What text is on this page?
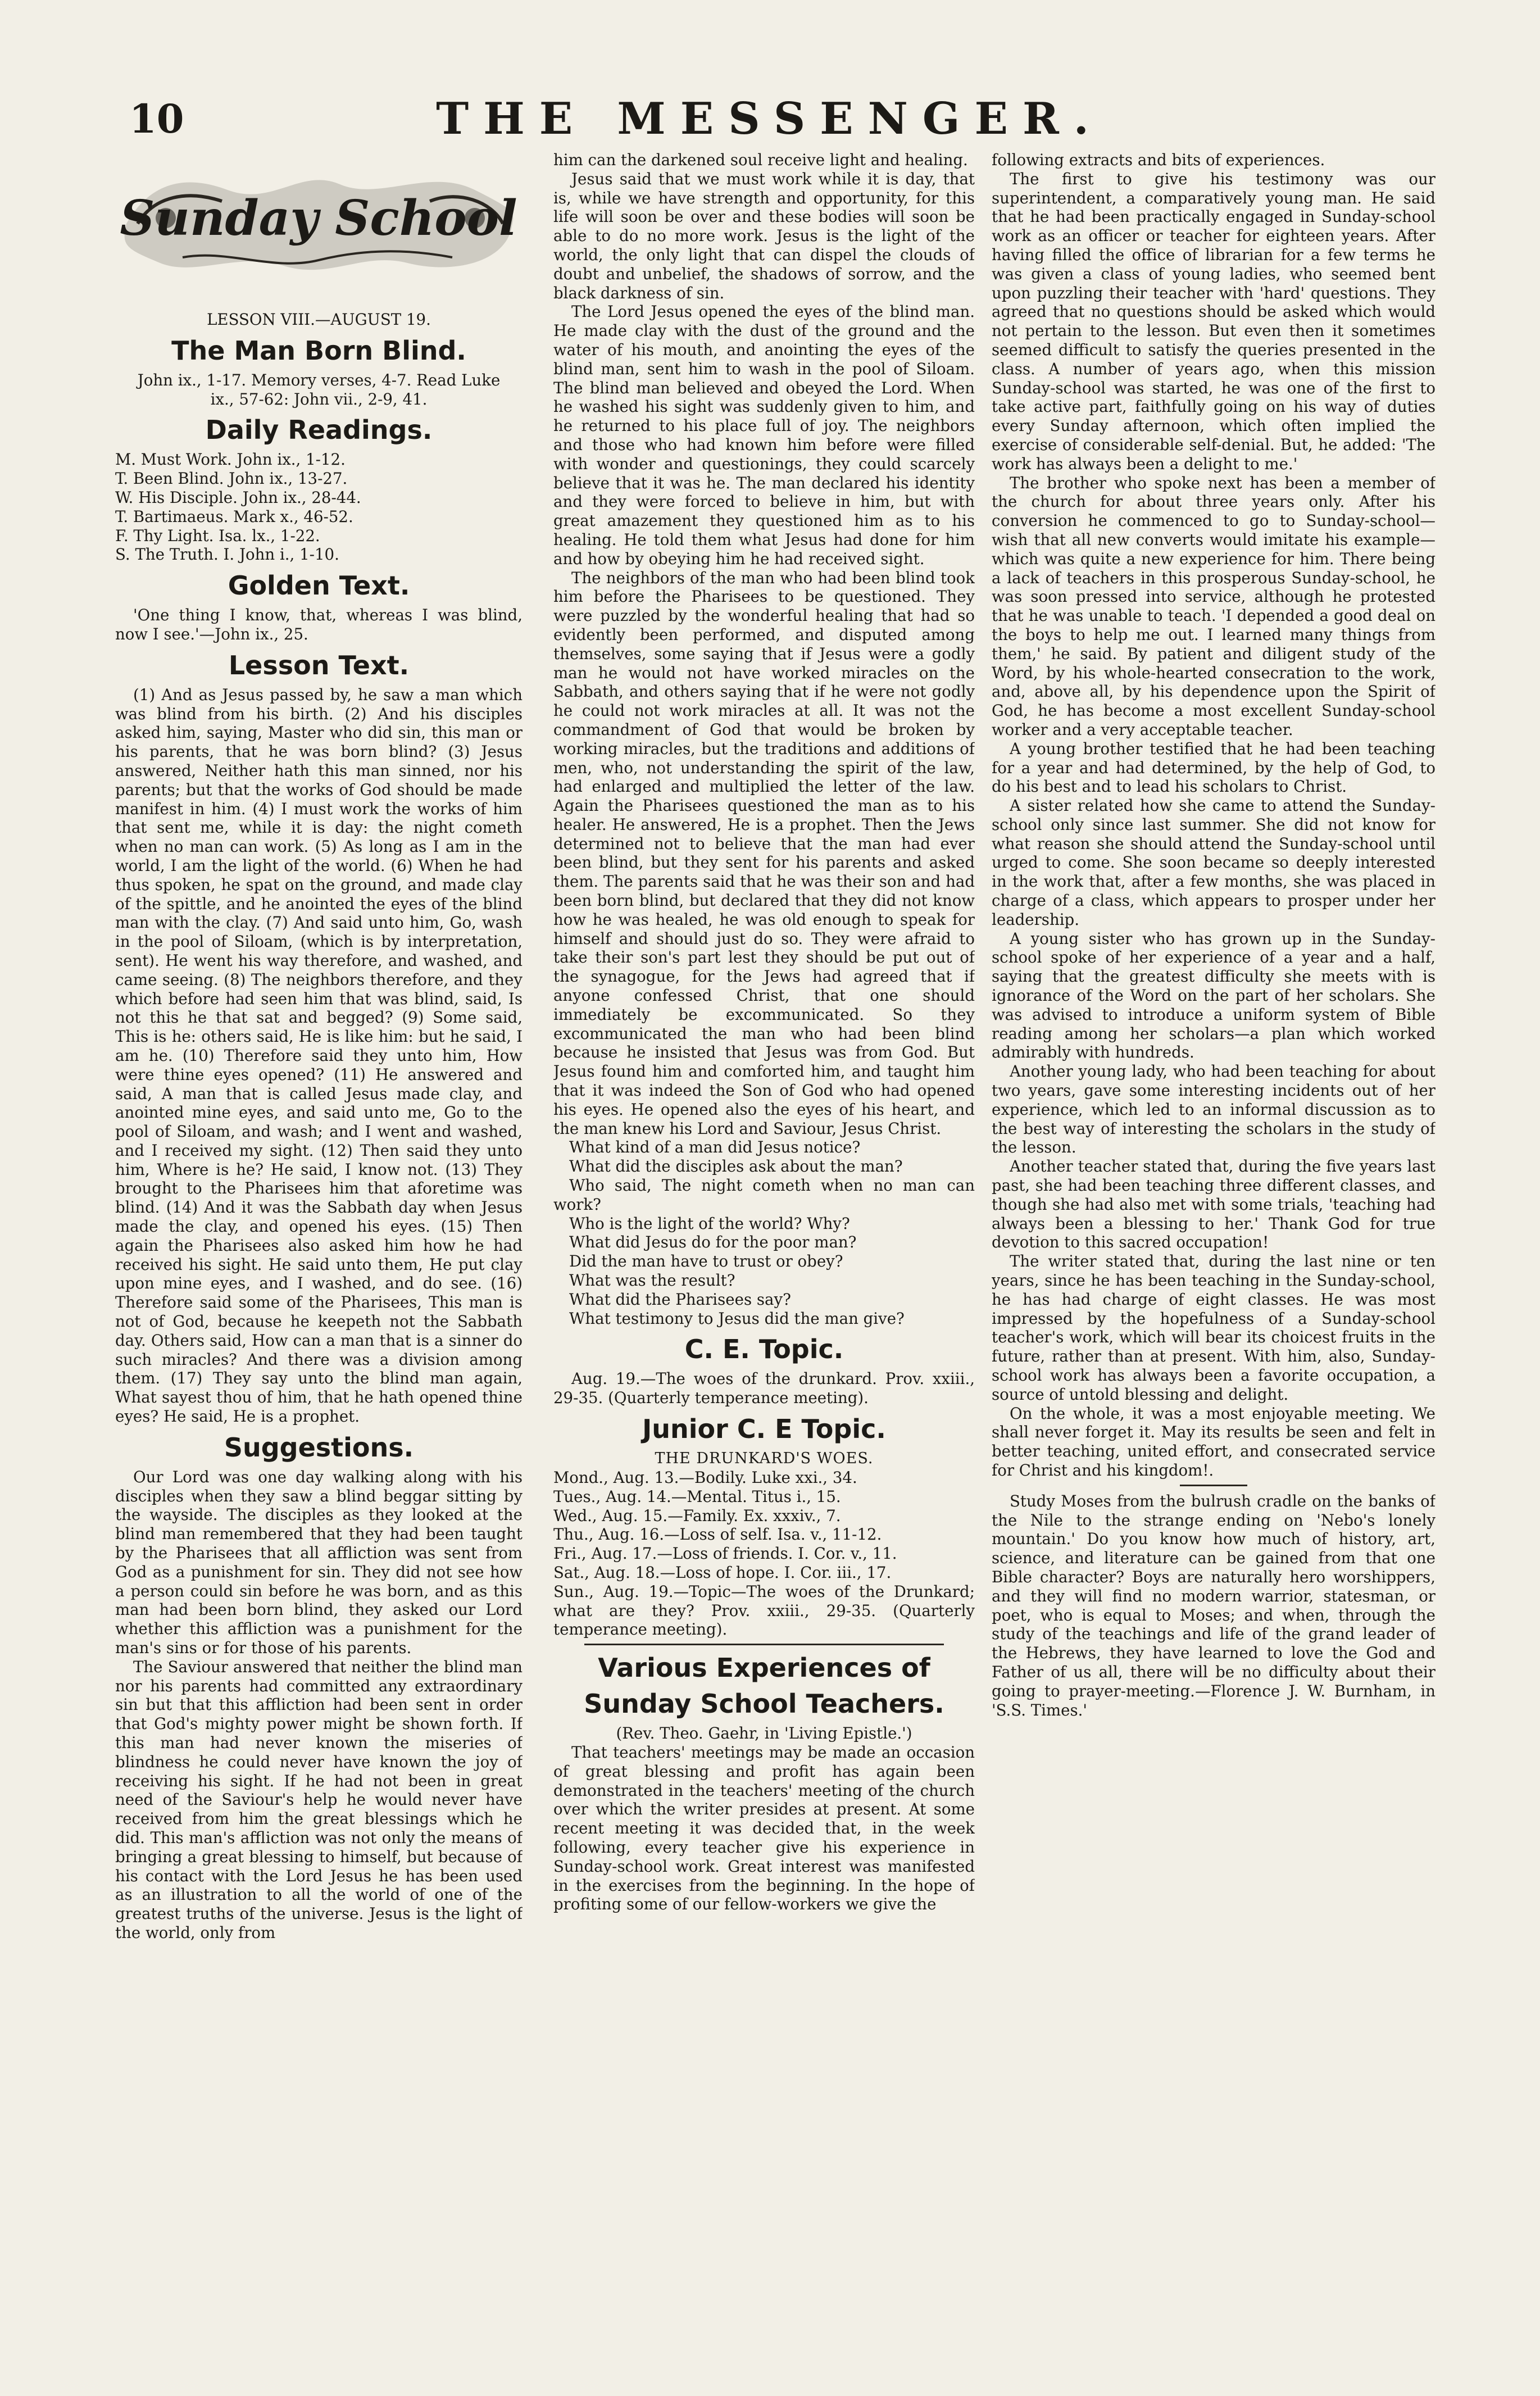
10	THE MESSENGER.
Sunday School
LESSON VIII.—AUGUST 19.
The Man Born Blind.
John ix., 1-17. Memory verses, 4-7. Read Luke ix., 57-62: John vii., 2-9, 41.
Daily Readings.
M. Must Work. John ix., 1-12.
T. Been Blind. John ix., 13-27.
W. His Disciple. John ix., 28-44.
T. Bartimaeus. Mark x., 46-52.
F. Thy Light. Isa. lx., 1-22.
S. The Truth. I. John i., 1-10.
Golden Text.

'One thing I know, that, whereas I was blind, now I see.'—John ix., 25.

Lesson Text.

(1) And as Jesus passed by, he saw a man which was blind from his birth. (2) And his disciples asked him, saying, Master who did sin, this man or his parents, that he was born blind? (3) Jesus answered, Neither hath this man sinned, nor his parents; but that the works of God should be made manifest in him. (4) I must work the works of him that sent me, while it is day: the night cometh when no man can work. (5) As long as I am in the world, I am the light of the world. (6) When he had thus spoken, he spat on the ground, and made clay of the spittle, and he anointed the eyes of the blind man with the clay. (7) And said unto him, Go, wash in the pool of Siloam, (which is by interpretation, sent). He went his way therefore, and washed, and came seeing. (8) The neighbors therefore, and they which before had seen him that was blind, said, Is not this he that sat and begged? (9) Some said, This is he: others said, He is like him: but he said, I am he. (10) Therefore said they unto him, How were thine eyes opened? (11) He answered and said, A man that is called Jesus made clay, and anointed mine eyes, and said unto me, Go to the pool of Siloam, and wash; and I went and washed, and I received my sight. (12) Then said they unto him, Where is he? He said, I know not. (13) They brought to the Pharisees him that aforetime was blind. (14) And it was the Sabbath day when Jesus made the clay, and opened his eyes. (15) Then again the Pharisees also asked him how he had received his sight. He said unto them, He put clay upon mine eyes, and I washed, and do see. (16) Therefore said some of the Pharisees, This man is not of God, because he keepeth not the Sabbath day. Others said, How can a man that is a sinner do such miracles? And there was a division among them. (17) They say unto the blind man again, What sayest thou of him, that he hath opened thine eyes? He said, He is a prophet.

Suggestions.

Our Lord was one day walking along with his disciples when they saw a blind beggar sitting by the wayside. The disciples as they looked at the blind man remembered that they had been taught by the Pharisees that all affliction was sent from God as a punishment for sin. They did not see how a person could sin before he was born, and as this man had been born blind, they asked our Lord whether this affliction was a punishment for the man's sins or for those of his parents.

The Saviour answered that neither the blind man nor his parents had committed any extraordinary sin but that this affliction had been sent in order that God's mighty power might be shown forth. If this man had never known the miseries of blindness he could never have known the joy of receiving his sight. If he had not been in great need of the Saviour's help he would never have received from him the great blessings which he did. This man's affliction was not only the means of bringing a great blessing to himself, but because of his contact with the Lord Jesus he has been used as an illustration to all the world of one of the greatest truths of the universe. Jesus is the light of the world, only from

him can the darkened soul receive light and healing.

Jesus said that we must work while it is day, that is, while we have strength and opportunity, for this life will soon be over and these bodies will soon be able to do no more work. Jesus is the light of the world, the only light that can dispel the clouds of doubt and unbelief, the shadows of sorrow, and the black darkness of sin.

The Lord Jesus opened the eyes of the blind man. He made clay with the dust of the ground and the water of his mouth, and anointing the eyes of the blind man, sent him to wash in the pool of Siloam. The blind man believed and obeyed the Lord. When he washed his sight was suddenly given to him, and he returned to his place full of joy. The neighbors and those who had known him before were filled with wonder and questionings, they could scarcely believe that it was he. The man declared his identity and they were forced to believe in him, but with great amazement they questioned him as to his healing. He told them what Jesus had done for him and how by obeying him he had received sight.

The neighbors of the man who had been blind took him before the Pharisees to be questioned. They were puzzled by the wonderful healing that had so evidently been performed, and disputed among themselves, some saying that if Jesus were a godly man he would not have worked miracles on the Sabbath, and others saying that if he were not godly he could not work miracles at all. It was not the commandment of God that would be broken by working miracles, but the traditions and additions of men, who, not understanding the spirit of the law, had enlarged and multiplied the letter of the law. Again the Pharisees questioned the man as to his healer. He answered, He is a prophet. Then the Jews determined not to believe that the man had ever been blind, but they sent for his parents and asked them. The parents said that he was their son and had been born blind, but declared that they did not know how he was healed, he was old enough to speak for himself and should just do so. They were afraid to take their son's part lest they should be put out of the synagogue, for the Jews had agreed that if anyone confessed Christ, that one should immediately be excommunicated. So they excommunicated the man who had been blind because he insisted that Jesus was from God. But Jesus found him and comforted him, and taught him that it was indeed the Son of God who had opened his eyes. He opened also the eyes of his heart, and the man knew his Lord and Saviour, Jesus Christ.

What kind of a man did Jesus notice?

What did the disciples ask about the man?

Who said, The night cometh when no man can work?

Who is the light of the world? Why?

What did Jesus do for the poor man?

Did the man have to trust or obey?

What was the result?

What did the Pharisees say?

What testimony to Jesus did the man give?

C. E. Topic.

Aug. 19.—The woes of the drunkard. Prov. xxiii., 29-35. (Quarterly temperance meeting).

Junior C. E Topic.
THE DRUNKARD'S WOES.
Mond., Aug. 13.—Bodily. Luke xxi., 34.
Tues., Aug. 14.—Mental. Titus i., 15.
Wed., Aug. 15.—Family. Ex. xxxiv., 7.
Thu., Aug. 16.—Loss of self. Isa. v., 11-12.
Fri., Aug. 17.—Loss of friends. I. Cor. v., 11.
Sat., Aug. 18.—Loss of hope. I. Cor. iii., 17.
Sun., Aug. 19.—Topic—The woes of the Drunkard; what are they? Prov. xxiii., 29-35. (Quarterly temperance meeting).
Various Experiences of Sunday School Teachers.
(Rev. Theo. Gaehr, in 'Living Epistle.')

That teachers' meetings may be made an occasion of great blessing and profit has again been demonstrated in the teachers' meeting of the church over which the writer presides at present. At some recent meeting it was decided that, in the week following, every teacher give his experience in Sunday-school work. Great interest was manifested in the exercises from the beginning. In the hope of profiting some of our fellow-workers we give the

following extracts and bits of experiences.

The first to give his testimony was our superintendent, a comparatively young man. He said that he had been practically engaged in Sunday-school work as an officer or teacher for eighteen years. After having filled the office of librarian for a few terms he was given a class of young ladies, who seemed bent upon puzzling their teacher with 'hard' questions. They agreed that no questions should be asked which would not pertain to the lesson. But even then it sometimes seemed difficult to satisfy the queries presented in the class. A number of years ago, when this mission Sunday-school was started, he was one of the first to take active part, faithfully going on his way of duties every Sunday afternoon, which often implied the exercise of considerable self-denial. But, he added: 'The work has always been a delight to me.'

The brother who spoke next has been a member of the church for about three years only. After his conversion he commenced to go to Sunday-school—wish that all new converts would imitate his example—which was quite a new experience for him. There being a lack of teachers in this prosperous Sunday-school, he was soon pressed into service, although he protested that he was unable to teach. 'I depended a good deal on the boys to help me out. I learned many things from them,' he said. By patient and diligent study of the Word, by his whole-hearted consecration to the work, and, above all, by his dependence upon the Spirit of God, he has become a most excellent Sunday-school worker and a very acceptable teacher.

A young brother testified that he had been teaching for a year and had determined, by the help of God, to do his best and to lead his scholars to Christ.

A sister related how she came to attend the Sunday-school only since last summer. She did not know for what reason she should attend the Sunday-school until urged to come. She soon became so deeply interested in the work that, after a few months, she was placed in charge of a class, which appears to prosper under her leadership.

A young sister who has grown up in the Sunday-school spoke of her experience of a year and a half, saying that the greatest difficulty she meets with is ignorance of the Word on the part of her scholars. She was advised to introduce a uniform system of Bible reading among her scholars—a plan which worked admirably with hundreds.

Another young lady, who had been teaching for about two years, gave some interesting incidents out of her experience, which led to an informal discussion as to the best way of interesting the scholars in the study of the lesson.

Another teacher stated that, during the five years last past, she had been teaching three different classes, and though she had also met with some trials, 'teaching had always been a blessing to her.' Thank God for true devotion to this sacred occupation!

The writer stated that, during the last nine or ten years, since he has been teaching in the Sunday-school, he has had charge of eight classes. He was most impressed by the hopefulness of a Sunday-school teacher's work, which will bear its choicest fruits in the future, rather than at present. With him, also, Sunday-school work has always been a favorite occupation, a source of untold blessing and delight.

On the whole, it was a most enjoyable meeting. We shall never forget it. May its results be seen and felt in better teaching, united effort, and consecrated service for Christ and his kingdom!.

Study Moses from the bulrush cradle on the banks of the Nile to the strange ending on 'Nebo's lonely mountain.' Do you know how much of history, art, science, and literature can be gained from that one Bible character? Boys are naturally hero worshippers, and they will find no modern warrior, statesman, or poet, who is equal to Moses; and when, through the study of the teachings and life of the grand leader of the Hebrews, they have learned to love the God and Father of us all, there will be no difficulty about their going to prayer-meeting.—Florence J. W. Burnham, in 'S.S. Times.'
